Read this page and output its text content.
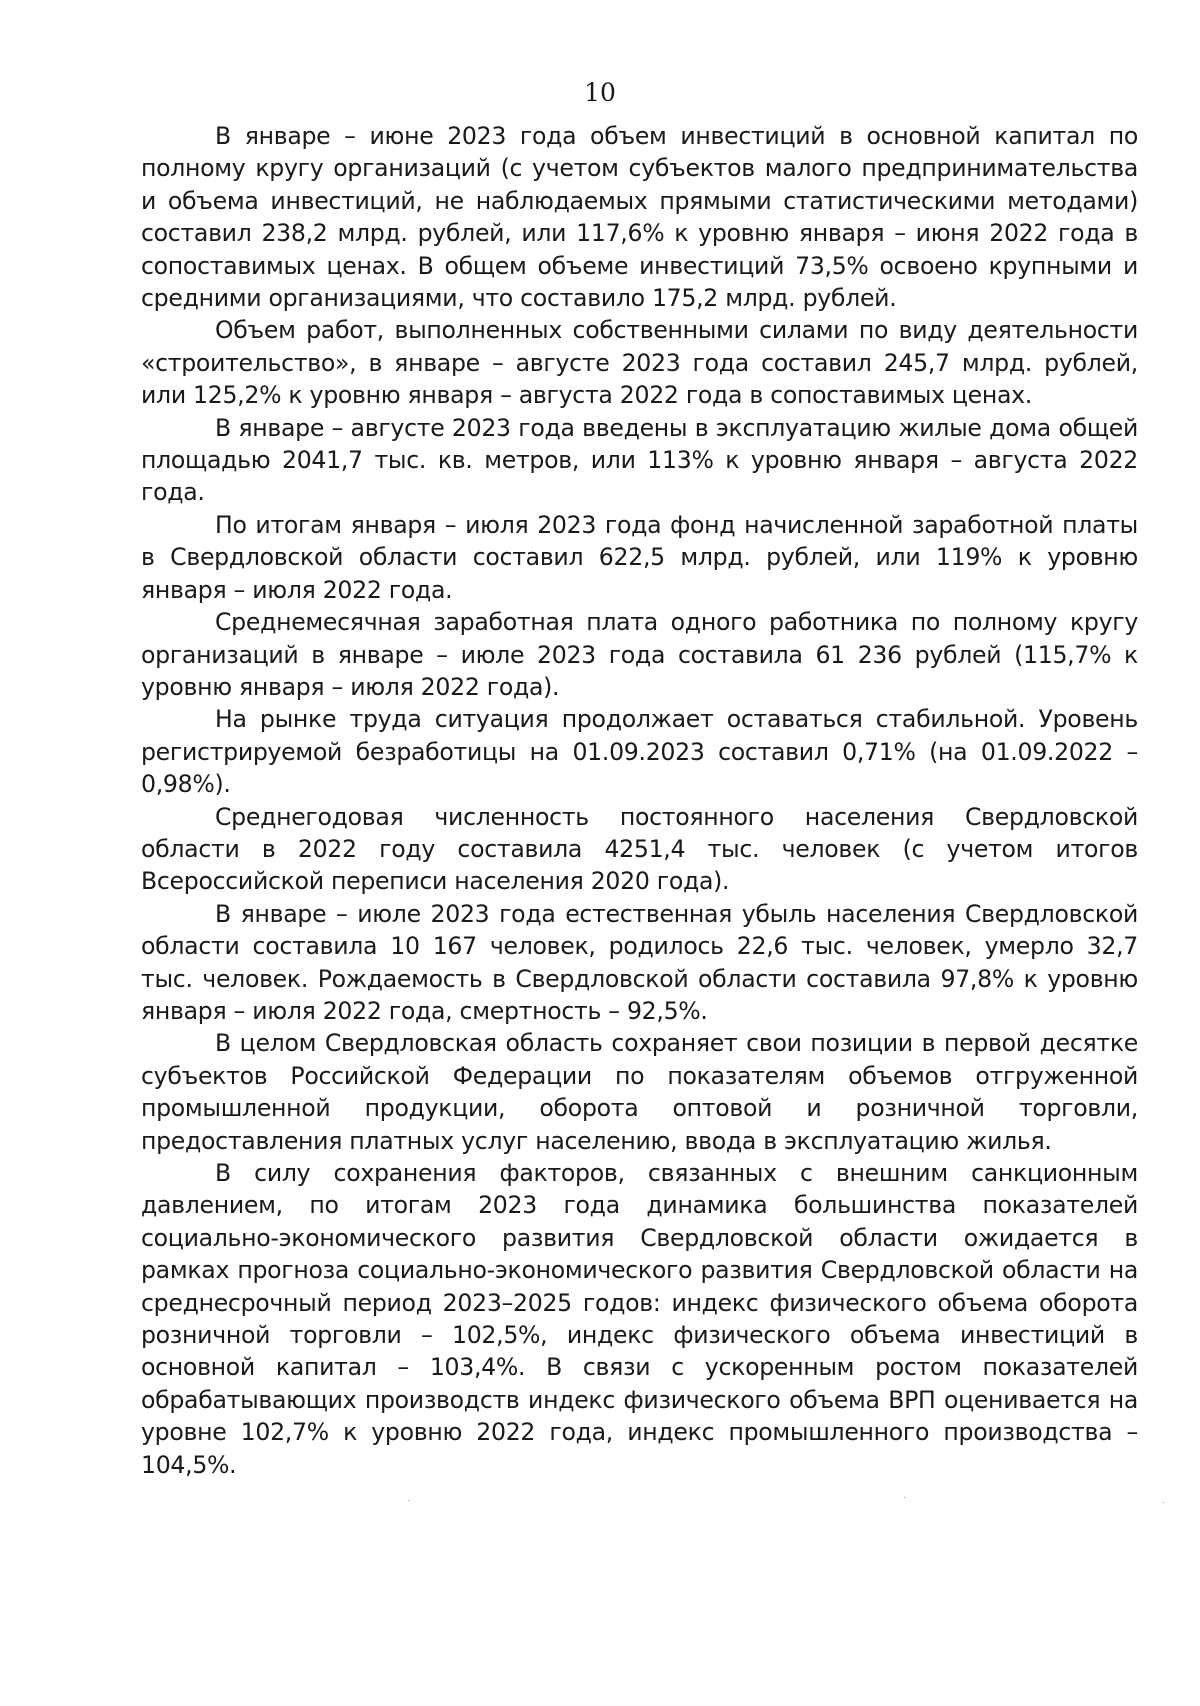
10

В январе – июне 2023 года объем инвестиций в основной капитал по полному кругу организаций (с учетом субъектов малого предпринимательства и объема инвестиций, не наблюдаемых прямыми статистическими методами) составил 238,2 млрд. рублей, или 117,6% к уровню января – июня 2022 года в сопоставимых ценах. В общем объеме инвестиций 73,5% освоено крупными и средними организациями, что составило 175,2 млрд. рублей.

Объем работ, выполненных собственными силами по виду деятельности «строительство», в январе – августе 2023 года составил 245,7 млрд. рублей, или 125,2% к уровню января – августа 2022 года в сопоставимых ценах.

В январе – августе 2023 года введены в эксплуатацию жилые дома общей площадью 2041,7 тыс. кв. метров, или 113% к уровню января – августа 2022 года.

По итогам января – июля 2023 года фонд начисленной заработной платы в Свердловской области составил 622,5 млрд. рублей, или 119% к уровню января – июля 2022 года.

Среднемесячная заработная плата одного работника по полному кругу организаций в январе – июле 2023 года составила 61 236 рублей (115,7% к уровню января – июля 2022 года).

На рынке труда ситуация продолжает оставаться стабильной. Уровень регистрируемой безработицы на 01.09.2023 составил 0,71% (на 01.09.2022 – 0,98%).

Среднегодовая численность постоянного населения Свердловской области в 2022 году составила 4251,4 тыс. человек (с учетом итогов Всероссийской переписи населения 2020 года).

В январе – июле 2023 года естественная убыль населения Свердловской области составила 10 167 человек, родилось 22,6 тыс. человек, умерло 32,7 тыс. человек. Рождаемость в Свердловской области составила 97,8% к уровню января – июля 2022 года, смертность – 92,5%.

В целом Свердловская область сохраняет свои позиции в первой десятке субъектов Российской Федерации по показателям объемов отгруженной промышленной продукции, оборота оптовой и розничной торговли, предоставления платных услуг населению, ввода в эксплуатацию жилья.

В силу сохранения факторов, связанных с внешним санкционным давлением, по итогам 2023 года динамика большинства показателей социально-экономического развития Свердловской области ожидается в рамках прогноза социально-экономического развития Свердловской области на среднесрочный период 2023–2025 годов: индекс физического объема оборота розничной торговли – 102,5%, индекс физического объема инвестиций в основной капитал – 103,4%. В связи с ускоренным ростом показателей обрабатывающих производств индекс физического объема ВРП оценивается на уровне 102,7% к уровню 2022 года, индекс промышленного производства – 104,5%.
